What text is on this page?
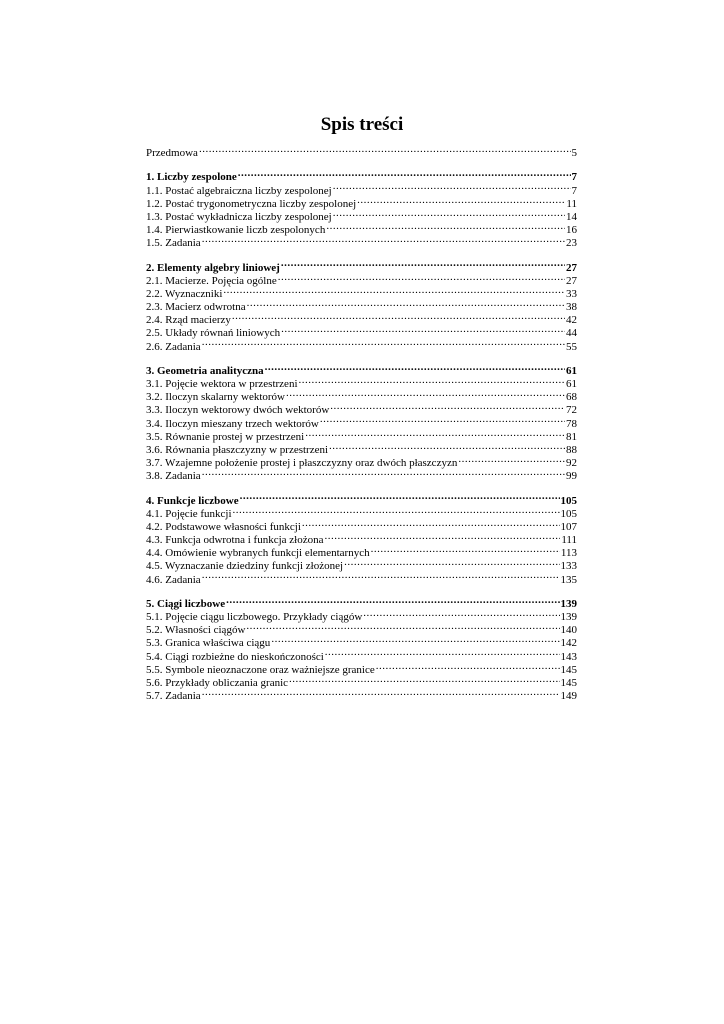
Spis treści
Przedmowa .....	5
1. Liczby zespolone .....	7
1.1. Postać algebraiczna liczby zespolonej .....	7
1.2. Postać trygonometryczna liczby zespolonej .....	11
1.3. Postać wykładnicza liczby zespolonej .....	14
1.4. Pierwiastkowanie liczb zespolonych .....	16
1.5. Zadania .....	23
2. Elementy algebry liniowej .....	27
2.1. Macierze. Pojęcia ogólne .....	27
2.2. Wyznaczniki .....	33
2.3. Macierz odwrotna .....	38
2.4. Rząd macierzy .....	42
2.5. Układy równań liniowych .....	44
2.6. Zadania .....	55
3. Geometria analityczna .....	61
3.1. Pojęcie wektora w przestrzeni .....	61
3.2. Iloczyn skalarny wektorów .....	68
3.3. Iloczyn wektorowy dwóch wektorów .....	72
3.4. Iloczyn mieszany trzech wektorów .....	78
3.5. Równanie prostej w przestrzeni .....	81
3.6. Równania płaszczyzny w przestrzeni .....	88
3.7. Wzajemne położenie prostej i płaszczyzny oraz dwóch płaszczyzn .....	92
3.8. Zadania .....	99
4. Funkcje liczbowe .....	105
4.1. Pojęcie funkcji .....	105
4.2. Podstawowe własności funkcji .....	107
4.3. Funkcja odwrotna i funkcja złożona .....	111
4.4. Omówienie wybranych funkcji elementarnych .....	113
4.5. Wyznaczanie dziedziny funkcji złożonej .....	133
4.6. Zadania .....	135
5. Ciągi liczbowe .....	139
5.1. Pojęcie ciągu liczbowego. Przykłady ciągów .....	139
5.2. Własności ciągów .....	140
5.3. Granica właściwa ciągu .....	142
5.4. Ciągi rozbieżne do nieskończoności .....	143
5.5. Symbole nieoznaczone oraz ważniejsze granice .....	145
5.6. Przykłady obliczania granic .....	145
5.7. Zadania .....	149
